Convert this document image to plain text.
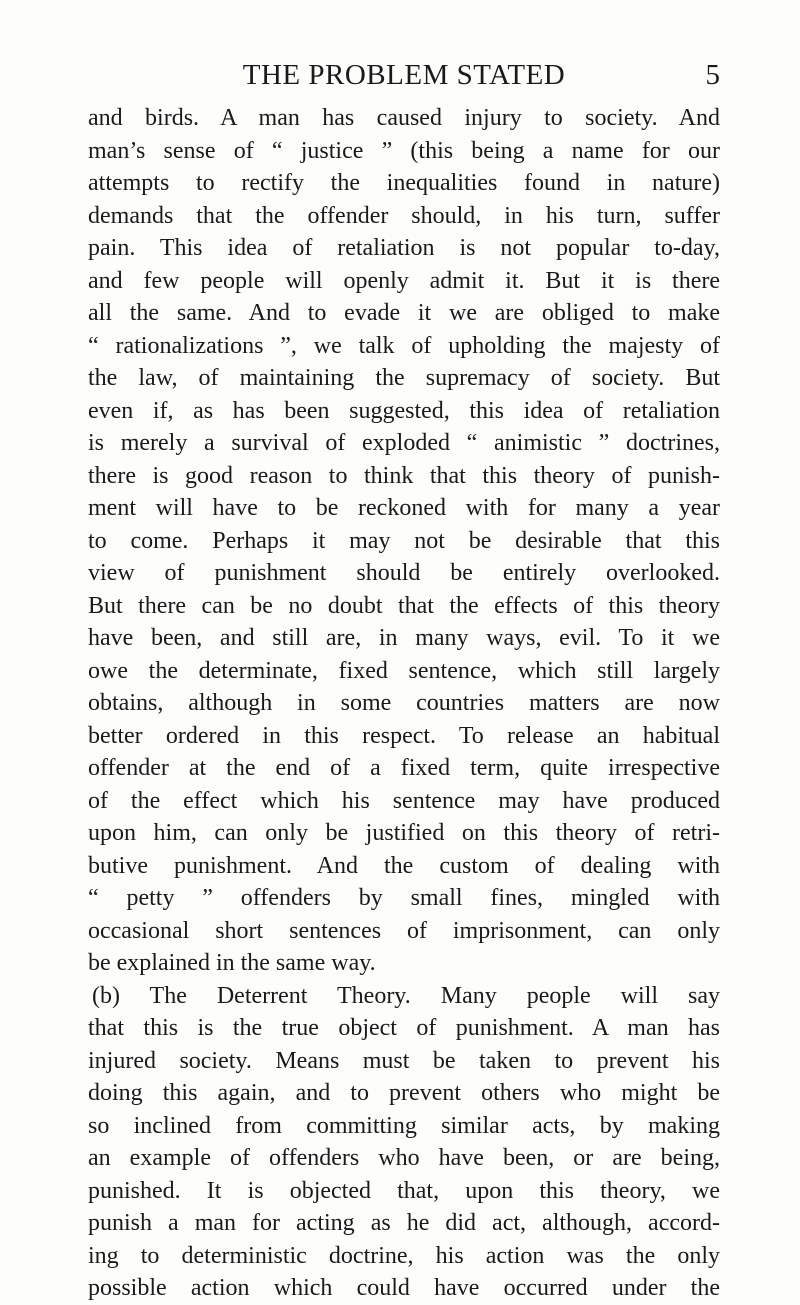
THE PROBLEM STATED	5
and birds. A man has caused injury to society. And
man’s sense of “ justice ” (this being a name for our
attempts to rectify the inequalities found in nature)
demands that the offender should, in his turn, suffer
pain. This idea of retaliation is not popular to-day,
and few people will openly admit it. But it is there
all the same. And to evade it we are obliged to make
“ rationalizations ”, we talk of upholding the majesty of
the law, of maintaining the supremacy of society. But
even if, as has been suggested, this idea of retaliation
is merely a survival of exploded “ animistic ” doctrines,
there is good reason to think that this theory of punish-
ment will have to be reckoned with for many a year
to come. Perhaps it may not be desirable that this
view of punishment should be entirely overlooked.
But there can be no doubt that the effects of this theory
have been, and still are, in many ways, evil. To it we
owe the determinate, fixed sentence, which still largely
obtains, although in some countries matters are now
better ordered in this respect. To release an habitual
offender at the end of a fixed term, quite irrespective
of the effect which his sentence may have produced
upon him, can only be justified on this theory of retri-
butive punishment. And the custom of dealing with
“ petty ” offenders by small fines, mingled with
occasional short sentences of imprisonment, can only
be explained in the same way.
(b) The Deterrent Theory. Many people will say
that this is the true object of punishment. A man has
injured society. Means must be taken to prevent his
doing this again, and to prevent others who might be
so inclined from committing similar acts, by making
an example of offenders who have been, or are being,
punished. It is objected that, upon this theory, we
punish a man for acting as he did act, although, accord-
ing to deterministic doctrine, his action was the only
possible action which could have occurred under the
